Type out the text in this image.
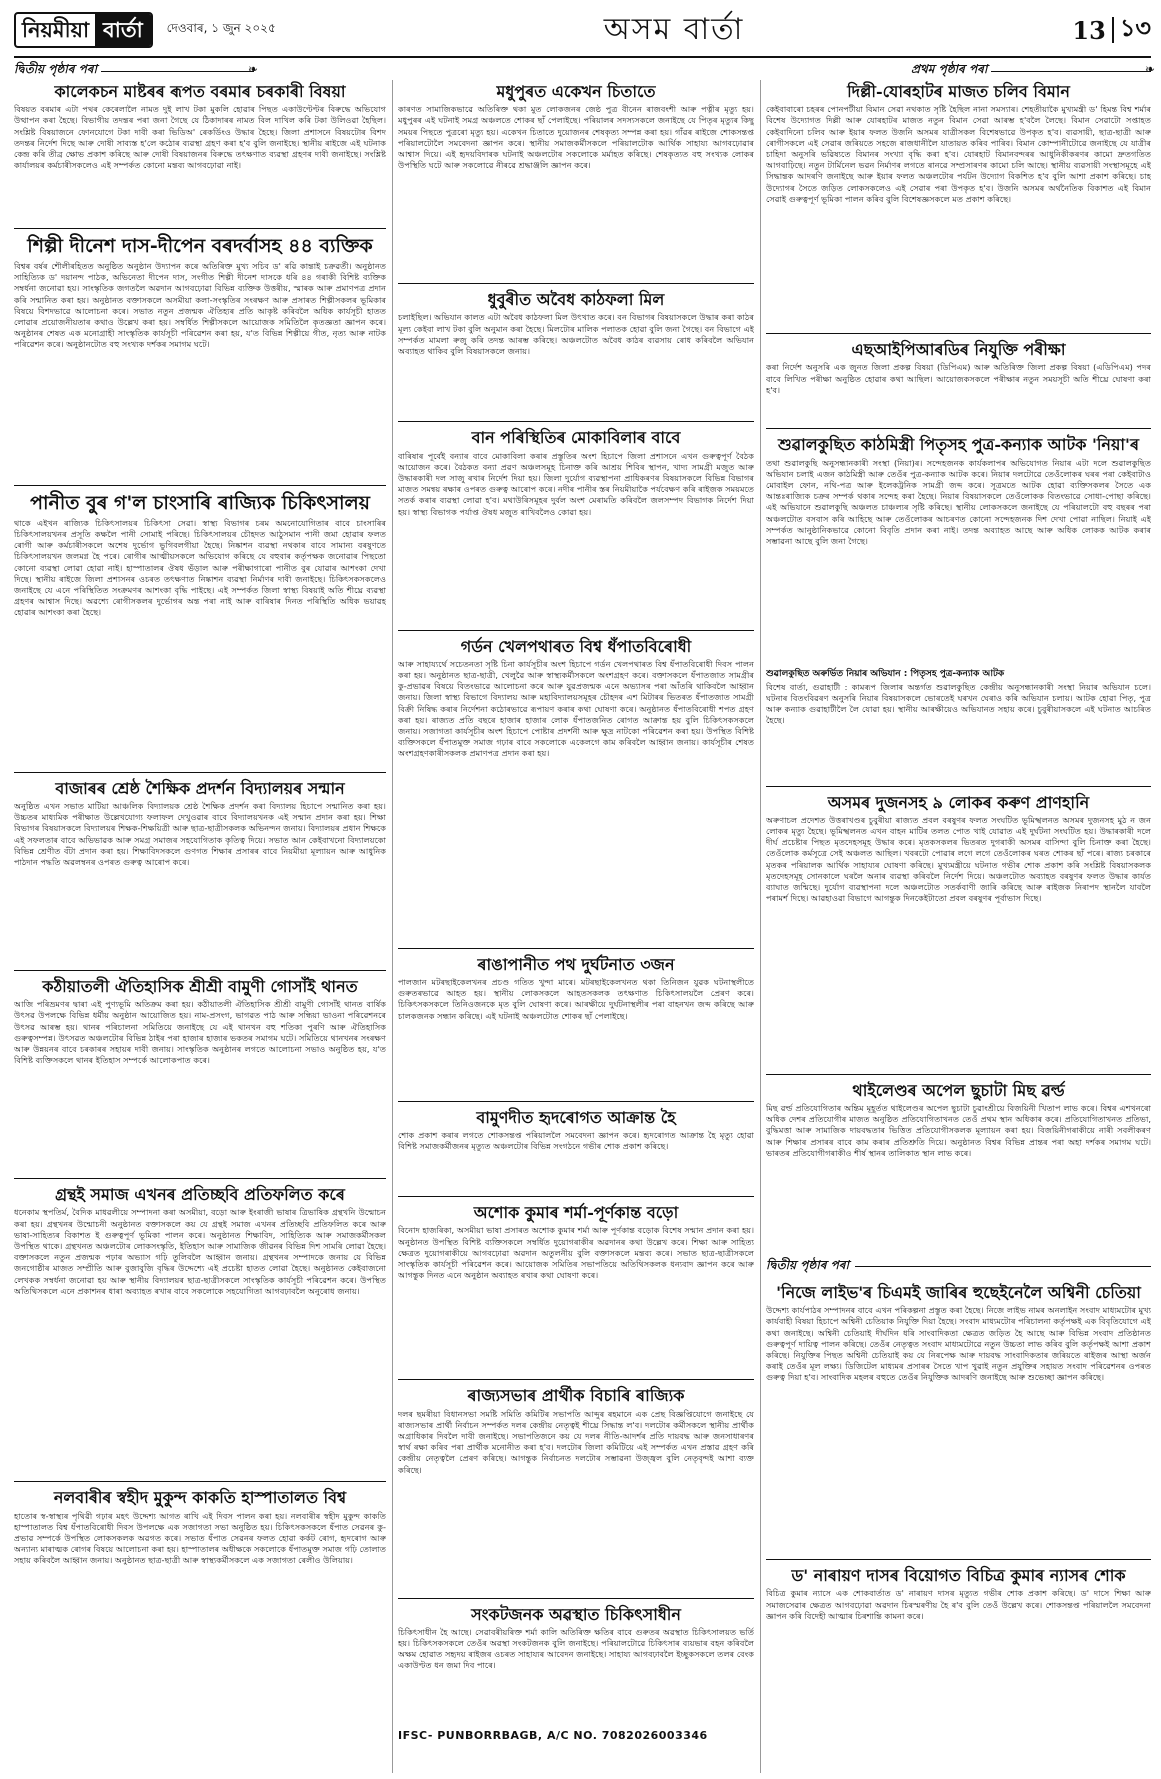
নিয়মীয়া বাৰ্তা	দেওবাৰ, ১ জুন ২০২৫	অসম বাৰ্তা	13 ১৩
দ্বিতীয় পৃষ্ঠাৰ পৰা
❧	প্ৰথম পৃষ্ঠাৰ পৰা
❧
কালেকচন মাষ্টৰৰ ৰূপত বৰমাৰ চৰকাৰী বিষয়া
বিষয়ত বৰমাৰ এটা পথৰ কেৰেলালৈ নামত দুই লাখ টকা মুকলি হোৱাৰ পিছত একাউণ্টেণ্টৰ বিৰুদ্ধে অভিযোগ উত্থাপন কৰা হৈছে। বিভাগীয় তদন্তৰ পৰা জনা গৈছে যে ঠিকাদাৰৰ নামত বিল দাখিল কৰি টকা উলিওৱা হৈছিল। সংশ্লিষ্ট বিষয়াজনে ফোনযোগে টকা দাবী কৰা ভিডিঅ' ৰেকৰ্ডিংও উদ্ধাৰ হৈছে। জিলা প্ৰশাসনে বিষয়টোৰ বিশদ তদন্তৰ নিৰ্দেশ দিছে আৰু দোষী সাব্যস্ত হ'লে কঠোৰ ব্যৱস্থা গ্ৰহণ কৰা হ'ব বুলি জনাইছে। স্থানীয় ৰাইজে এই ঘটনাক কেন্দ্ৰ কৰি তীব্ৰ ক্ষোভ প্ৰকাশ কৰিছে আৰু দোষী বিষয়াজনৰ বিৰুদ্ধে তৎক্ষণাত ব্যৱস্থা গ্ৰহণৰ দাবী জনাইছে। সংশ্লিষ্ট কাৰ্যালয়ৰ কৰ্মচাৰীসকলেও এই সম্পৰ্কত কোনো মন্তব্য আগবঢ়োৱা নাই।
শিল্পী দীনেশ দাস-দীপেন বৰদৰ্বাসহ ৪৪ ব্যক্তিক
বিশ্বৰ বৰ্ষৰ শৌলীৰহিতত অনুষ্ঠিত অনুষ্ঠান উদ্যাপন কৰে অতিৰিক্ত মুখ্য সচিব ড' ৰৱি কান্তাই চক্ৰৱৰ্তী। অনুষ্ঠানত সাহিত্যিক ড' দয়ানন্দ পাঠক, অভিনেতা দীপেন দাস, সংগীত শিল্পী দীনেশ দাসকে ধৰি ৪৪ গৰাকী বিশিষ্ট ব্যক্তিক সম্বৰ্ধনা জনোৱা হয়। সাংস্কৃতিক জগতলৈ অৱদান আগবঢ়োৱা বিভিন্ন ব্যক্তিক উত্তৰীয়, স্মাৰক আৰু প্ৰমাণপত্ৰ প্ৰদান কৰি সন্মানিত কৰা হয়। অনুষ্ঠানত বক্তাসকলে অসমীয়া কলা-সংস্কৃতিৰ সংৰক্ষণ আৰু প্ৰসাৰত শিল্পীসকলৰ ভূমিকাৰ বিষয়ে বিশদভাৱে আলোচনা কৰে। সভাত নতুন প্ৰজন্মক ঐতিহ্যৰ প্ৰতি আকৃষ্ট কৰিবলৈ অধিক কাৰ্যসূচী হাতত লোৱাৰ প্ৰয়োজনীয়তাৰ কথাও উল্লেখ কৰা হয়। সম্বৰ্ধিত শিল্পীসকলে আয়োজক সমিতিলৈ কৃতজ্ঞতা জ্ঞাপন কৰে। অনুষ্ঠানৰ শেষত এক মনোগ্ৰাহী সাংস্কৃতিক কাৰ্যসূচী পৰিৱেশন কৰা হয়, য'ত বিভিন্ন শিল্পীয়ে গীত, নৃত্য আৰু নাটক পৰিৱেশন কৰে। অনুষ্ঠানটোত বহু সংখ্যক দৰ্শকৰ সমাগম ঘটে।
পানীত বুৰ গ'ল চাংসাৰি ৰাজ্যিক চিকিৎসালয়
থাকে এইখন ৰাজ্যিক চিকিৎসালয়ৰ চিকিৎসা সেৱা। স্বাস্থ্য বিভাগৰ চৰম অমনোযোগিতাৰ বাবে চাংসাৰিৰ চিকিৎসালয়খনৰ প্ৰসূতি কক্ষলৈ পানী সোমাই পৰিছে। চিকিৎসালয়ৰ চৌহদত আঠুসমান পানী জমা হোৱাৰ ফলত ৰোগী আৰু কৰ্মচাৰীসকলে অশেষ দুৰ্ভোগ ভুগিবলগীয়া হৈছে। নিষ্কাশন ব্যৱস্থা নথকাৰ বাবে সামান্য বৰষুণতে চিকিৎসালয়খন জলমগ্ন হৈ পৰে। ৰোগীৰ আত্মীয়সকলে অভিযোগ কৰিছে যে বহুবাৰ কৰ্তৃপক্ষক জনোৱাৰ পিছতো কোনো ব্যৱস্থা লোৱা হোৱা নাই। হাস্পাতালৰ ঔষধ ভঁড়াল আৰু পৰীক্ষাগাৰো পানীত বুৰ যোৱাৰ আশংকা দেখা দিছে। স্থানীয় ৰাইজে জিলা প্ৰশাসনৰ ওচৰত তৎক্ষণাত নিষ্কাশন ব্যৱস্থা নিৰ্মাণৰ দাবী জনাইছে। চিকিৎসকসকলেও জনাইছে যে এনে পৰিস্থিতিত সংক্ৰমণৰ আশংকা বৃদ্ধি পাইছে। এই সম্পৰ্কত জিলা স্বাস্থ্য বিষয়াই অতি শীঘ্ৰে ব্যৱস্থা গ্ৰহণৰ আশ্বাস দিছে। অৱশ্যে ৰোগীসকলৰ দুৰ্ভোগৰ অন্ত পৰা নাই আৰু বাৰিষাৰ দিনত পৰিস্থিতি অধিক ভয়াৱহ হোৱাৰ আশংকা কৰা হৈছে।
বাজাৰৰ শ্ৰেষ্ঠ শৈক্ষিক প্ৰদৰ্শন বিদ্যালয়ৰ সন্মান
অনুষ্ঠিত এখন সভাত মাটিয়া আঞ্চলিক বিদ্যালয়ক শ্ৰেষ্ঠ শৈক্ষিক প্ৰদৰ্শন কৰা বিদ্যালয় হিচাপে সন্মানিত কৰা হয়। উচ্চতৰ মাধ্যমিক পৰীক্ষাত উল্লেখযোগ্য ফলাফল দেখুওৱাৰ বাবে বিদ্যালয়খনক এই সন্মান প্ৰদান কৰা হয়। শিক্ষা বিভাগৰ বিষয়াসকলে বিদ্যালয়ৰ শিক্ষক-শিক্ষয়িত্ৰী আৰু ছাত্ৰ-ছাত্ৰীসকলক অভিনন্দন জনায়। বিদ্যালয়ৰ প্ৰধান শিক্ষকে এই সফলতাৰ বাবে অভিভাৱক আৰু সমগ্ৰ সমাজৰ সহযোগিতাক কৃতিত্ব দিয়ে। সভাত আন কেইবাখনো বিদ্যালয়কো বিভিন্ন শ্ৰেণীত বঁটা প্ৰদান কৰা হয়। শিক্ষাবিদসকলে গুণগত শিক্ষাৰ প্ৰসাৰৰ বাবে নিয়মীয়া মূল্যায়ন আৰু আধুনিক পাঠদান পদ্ধতি অৱলম্বনৰ ওপৰত গুৰুত্ব আৰোপ কৰে।
কঠীয়াতলী ঐতিহাসিক শ্ৰীশ্ৰী বামুণী গোসাঁই থানত
আজি পৰিভ্ৰমণৰ দ্বাৰা এই পুণ্যভূমি অতিক্ৰম কৰা হয়। কঠীয়াতলী ঐতিহাসিক শ্ৰীশ্ৰী বামুণী গোসাঁই থানত বাৰ্ষিক উৎসৱ উপলক্ষে বিভিন্ন ধৰ্মীয় অনুষ্ঠান আয়োজিত হয়। নাম-প্ৰসংগ, ভাগৱত পাঠ আৰু সন্ধিয়া ভাওনা পৰিৱেশনৰে উৎসৱ আৰম্ভ হয়। থানৰ পৰিচালনা সমিতিয়ে জনাইছে যে এই থানখন বহু শতিকা পুৰণি আৰু ঐতিহাসিক গুৰুত্বসম্পন্ন। উৎসৱত অঞ্চলটোৰ বিভিন্ন ঠাইৰ পৰা হাজাৰ হাজাৰ ভকতৰ সমাগম ঘটে। সমিতিয়ে থানখনৰ সংৰক্ষণ আৰু উন্নয়নৰ বাবে চৰকাৰৰ সহায়ৰ দাবী জনায়। সাংস্কৃতিক অনুষ্ঠানৰ লগতে আলোচনা সভাও অনুষ্ঠিত হয়, য'ত বিশিষ্ট ব্যক্তিসকলে থানৰ ইতিহাস সম্পৰ্কে আলোকপাত কৰে।
গ্ৰন্থই সমাজ এখনৰ প্ৰতিচ্ছবি প্ৰতিফলিত কৰে
ধনেকাম স্থপতিৰ্ম, বৈদিক মাধৱলীয়ে সম্পাদনা কৰা অসমীয়া, বড়ো আৰু ইংৰাজী ভাষাৰ ত্ৰিভাষিক গ্ৰন্থখনি উন্মোচন কৰা হয়। গ্ৰন্থখনৰ উন্মোচনী অনুষ্ঠানত বক্তাসকলে কয় যে গ্ৰন্থই সমাজ এখনৰ প্ৰতিচ্ছবি প্ৰতিফলিত কৰে আৰু ভাষা-সাহিত্যৰ বিকাশত ই গুৰুত্বপূৰ্ণ ভূমিকা পালন কৰে। অনুষ্ঠানত শিক্ষাবিদ, সাহিত্যিক আৰু সমাজকৰ্মীসকল উপস্থিত থাকে। গ্ৰন্থখনত অঞ্চলটোৰ লোকসংস্কৃতি, ইতিহাস আৰু সামাজিক জীৱনৰ বিভিন্ন দিশ সামৰি লোৱা হৈছে। বক্তাসকলে নতুন প্ৰজন্মক পঢ়াৰ অভ্যাস গঢ়ি তুলিবলৈ আহ্বান জনায়। গ্ৰন্থখনৰ সম্পাদকে জনায় যে বিভিন্ন জনগোষ্ঠীৰ মাজত সম্প্ৰীতি আৰু বুজাবুজি বৃদ্ধিৰ উদ্দেশ্যে এই প্ৰচেষ্টা হাতত লোৱা হৈছে। অনুষ্ঠানত কেইবাজনো লেখকক সম্বৰ্ধনা জনোৱা হয় আৰু স্থানীয় বিদ্যালয়ৰ ছাত্ৰ-ছাত্ৰীসকলে সাংস্কৃতিক কাৰ্যসূচী পৰিৱেশন কৰে। উপস্থিত অতিথিসকলে এনে প্ৰকাশনৰ ধাৰা অব্যাহত ৰখাৰ বাবে সকলোকে সহযোগিতা আগবঢ়াবলৈ অনুৰোধ জনায়।
নলবাৰীৰ স্বহীদ মুকুন্দ কাকতি হাস্পাতালত বিশ্ব
হাতোৰ স্ব-স্বাস্থ্যৰ পৃথিৱী গঢ়াৰ মহৎ উদ্দেশ্য আগত ৰাখি এই দিবস পালন কৰা হয়। নলবাৰীৰ স্বহীদ মুকুন্দ কাকতি হাস্পাতালত বিশ্ব ধঁপাতবিৰোধী দিবস উপলক্ষে এক সজাগতা সভা অনুষ্ঠিত হয়। চিকিৎসকসকলে ধঁপাত সেৱনৰ কু-প্ৰভাৱ সম্পৰ্কে উপস্থিত লোকসকলক অৱগত কৰে। সভাত ধঁপাত সেৱনৰ ফলত হোৱা কৰ্কট ৰোগ, হৃদৰোগ আৰু অন্যান্য মাৰাত্মক ৰোগৰ বিষয়ে আলোচনা কৰা হয়। হাস্পাতালৰ অধীক্ষকে সকলোকে ধঁপাতমুক্ত সমাজ গঢ়ি তোলাত সহায় কৰিবলৈ আহ্বান জনায়। অনুষ্ঠানত ছাত্ৰ-ছাত্ৰী আৰু স্বাস্থ্যকৰ্মীসকলে এক সজাগতা ৰেলীও উলিয়ায়।
মধুপুৰত একেখন চিতাতে
কাৰণত সামাজিকভাৱে অতিৰিক্ত থকা মুত লোকজনৰ জেষ্ঠ পুত্ৰ বীনেন ৰাজবংশী আৰু পত্নীৰ মৃত্যু হয়। মধুপুৰৰ এই ঘটনাই সমগ্ৰ অঞ্চলতে শোকৰ ছাঁ পেলাইছে। পৰিয়ালৰ সদস্যসকলে জনাইছে যে পিতৃৰ মৃত্যুৰ কিছু সময়ৰ পিছতে পুত্ৰৰো মৃত্যু হয়। একেখন চিতাতে দুয়োজনৰ শেষকৃত্য সম্পন্ন কৰা হয়। গাঁৱৰ ৰাইজে শোকসন্তপ্ত পৰিয়ালটোলৈ সমবেদনা জ্ঞাপন কৰে। স্থানীয় সমাজকৰ্মীসকলে পৰিয়ালটোক আৰ্থিক সাহায্য আগবঢ়োৱাৰ আশ্বাস দিয়ে। এই হৃদয়বিদাৰক ঘটনাই অঞ্চলটোৰ সকলোকে মৰ্মাহত কৰিছে। শেষকৃত্যত বহু সংখ্যক লোকৰ উপস্থিতি ঘটে আৰু সকলোৱে নীৰৱে শ্ৰদ্ধাঞ্জলি জ্ঞাপন কৰে।
ধুবুৰীত অবৈধ কাঠফলা মিল
চলাইছিল। অভিযান কালত এটা অবৈধ কাঠফলা মিল উৎখাত কৰে। বন বিভাগৰ বিষয়াসকলে উদ্ধাৰ কৰা কাঠৰ মূল্য কেইবা লাখ টকা বুলি অনুমান কৰা হৈছে। মিলটোৰ মালিক পলাতক হোৱা বুলি জনা গৈছে। বন বিভাগে এই সম্পৰ্কত মামলা ৰুজু কৰি তদন্ত আৰম্ভ কৰিছে। অঞ্চলটোত অবৈধ কাঠৰ ব্যৱসায় ৰোধ কৰিবলৈ অভিযান অব্যাহত থাকিব বুলি বিষয়াসকলে জনায়।
বান পৰিস্থিতিৰ মোকাবিলাৰ বাবে
বাৰিষাৰ পূৰ্বেই বন্যাৰ বাবে মোকাবিলা কৰাৰ প্ৰস্তুতিৰ অংশ হিচাপে জিলা প্ৰশাসনে এখন গুৰুত্বপূৰ্ণ বৈঠক আয়োজন কৰে। বৈঠকত বন্যা প্ৰৱণ অঞ্চলসমূহ চিনাক্ত কৰি আশ্ৰয় শিবিৰ স্থাপন, খাদ্য সামগ্ৰী মজুত আৰু উদ্ধাৰকাৰী দল সাজু ৰখাৰ নিৰ্দেশ দিয়া হয়। জিলা দুৰ্যোগ ব্যৱস্থাপনা প্ৰাধিকৰণৰ বিষয়াসকলে বিভিন্ন বিভাগৰ মাজত সমন্বয় ৰক্ষাৰ ওপৰত গুৰুত্ব আৰোপ কৰে। নদীৰ পানীৰ স্তৰ নিয়মীয়াকৈ পৰ্যবেক্ষণ কৰি ৰাইজক সময়মতে সতৰ্ক কৰাৰ ব্যৱস্থা লোৱা হ'ব। মথাউৰিসমূহৰ দুৰ্বল অংশ মেৰামতি কৰিবলৈ জলসম্পদ বিভাগক নিৰ্দেশ দিয়া হয়। স্বাস্থ্য বিভাগক পৰ্যাপ্ত ঔষধ মজুত ৰাখিবলৈও কোৱা হয়।
গৰ্ডন খেলপথাৰত বিশ্ব ধঁপাতবিৰোধী
আৰু সাহায্যৰ্থে সচেতনতা সৃষ্টি চিনা কাৰ্যসূচীৰ অংশ হিচাপে গৰ্ডন খেলপথাৰত বিশ্ব ধঁপাতবিৰোধী দিবস পালন কৰা হয়। অনুষ্ঠানত ছাত্ৰ-ছাত্ৰী, খেলুৱৈ আৰু স্বাস্থ্যকৰ্মীসকলে অংশগ্ৰহণ কৰে। বক্তাসকলে ধঁপাতজাত সামগ্ৰীৰ কু-প্ৰভাৱৰ বিষয়ে বিতংভাৱে আলোচনা কৰে আৰু যুৱপ্ৰজন্মক এনে অভ্যাসৰ পৰা আঁতৰি থাকিবলৈ আহ্বান জনায়। জিলা স্বাস্থ্য বিভাগে বিদ্যালয় আৰু মহাবিদ্যালয়সমূহৰ চৌহদৰ এশ মিটাৰৰ ভিতৰত ধঁপাতজাত সামগ্ৰী বিক্ৰী নিষিদ্ধ কৰাৰ নিৰ্দেশনা কঠোৰভাৱে ৰূপায়ণ কৰাৰ কথা ঘোষণা কৰে। অনুষ্ঠানত ধঁপাতবিৰোধী শপত গ্ৰহণ কৰা হয়। ৰাজ্যত প্ৰতি বছৰে হাজাৰ হাজাৰ লোক ধঁপাতজনিত ৰোগত আক্ৰান্ত হয় বুলি চিকিৎসকসকলে জনায়। সজাগতা কাৰ্যসূচীৰ অংশ হিচাপে পোষ্টাৰ প্ৰদৰ্শনী আৰু ক্ষুদ্ৰ নাটকো পৰিৱেশন কৰা হয়। উপস্থিত বিশিষ্ট ব্যক্তিসকলে ধঁপাতমুক্ত সমাজ গঢ়াৰ বাবে সকলোকে একেলগে কাম কৰিবলৈ আহ্বান জনায়। কাৰ্যসূচীৰ শেষত অংশগ্ৰহণকাৰীসকলক প্ৰমাণপত্ৰ প্ৰদান কৰা হয়।
ৰাঙাপানীত পথ দুৰ্ঘটনাত ৩জন
পালজান মটৰছাইকেলখনৰ প্ৰচণ্ড গতিত খুন্দা মাৰে। মটৰছাইকেলখনত থকা তিনিজন যুৱক ঘটনাস্থলীতে গুৰুতৰভাৱে আহত হয়। স্থানীয় লোকসকলে আহতসকলক তৎক্ষণাত চিকিৎসালয়লৈ প্ৰেৰণ কৰে। চিকিৎসকসকলে তিনিওজনকে মৃত বুলি ঘোষণা কৰে। আৰক্ষীয়ে দুৰ্ঘটনাস্থলীৰ পৰা বাহনখন জব্দ কৰিছে আৰু চালকজনক সন্ধান কৰিছে। এই ঘটনাই অঞ্চলটোত শোকৰ ছাঁ পেলাইছে।
বামুণদীত হৃদৰোগত আক্ৰান্ত হৈ
শোক প্ৰকাশ কৰাৰ লগতে শোকসন্তপ্ত পৰিয়াললৈ সমবেদনা জ্ঞাপন কৰে। হৃদৰোগত আক্ৰান্ত হৈ মৃত্যু হোৱা বিশিষ্ট সমাজকৰ্মীজনৰ মৃত্যুত অঞ্চলটোৰ বিভিন্ন সংগঠনে গভীৰ শোক প্ৰকাশ কৰিছে।
অশোক কুমাৰ শৰ্মা-পূৰ্ণকান্ত বড়ো
বিনোদ হাজৰিকা, অসমীয়া ভাষা প্ৰসাৰত অশোক কুমাৰ শৰ্মা আৰু পূৰ্ণকান্ত বড়োক বিশেষ সন্মান প্ৰদান কৰা হয়। অনুষ্ঠানত উপস্থিত বিশিষ্ট ব্যক্তিসকলে সম্বৰ্ধিত দুয়োগৰাকীৰ অৱদানৰ কথা উল্লেখ কৰে। শিক্ষা আৰু সাহিত্য ক্ষেত্ৰত দুয়োগৰাকীয়ে আগবঢ়োৱা অৱদান অতুলনীয় বুলি বক্তাসকলে মন্তব্য কৰে। সভাত ছাত্ৰ-ছাত্ৰীসকলে সাংস্কৃতিক কাৰ্যসূচী পৰিৱেশন কৰে। আয়োজক সমিতিৰ সভাপতিয়ে অতিথিসকলক ধন্যবাদ জ্ঞাপন কৰে আৰু আগন্তুক দিনত এনে অনুষ্ঠান অব্যাহত ৰখাৰ কথা ঘোষণা কৰে।
ৰাজ্যসভাৰ প্ৰাৰ্থীক বিচাৰি ৰাজ্যিক
দলৰ ছমৰীয়া বিধানসভা সমষ্টি সমিতি কমিটিৰ সভাপতি আব্দুৰ ৰহমানে এক প্ৰেছ বিজ্ঞপ্তিযোগে জনাইছে যে ৰাজ্যসভাৰ প্ৰাৰ্থী নিৰ্বাচন সম্পৰ্কত দলৰ কেন্দ্ৰীয় নেতৃত্বই শীঘ্ৰে সিদ্ধান্ত ল'ব। দলটোৰ কৰ্মীসকলে স্থানীয় প্ৰাৰ্থীক অগ্ৰাধিকাৰ দিবলৈ দাবী জনাইছে। সভাপতিজনে কয় যে দলৰ নীতি-আদৰ্শৰ প্ৰতি দায়বদ্ধ আৰু জনসাধাৰণৰ স্বাৰ্থ ৰক্ষা কৰিব পৰা প্ৰাৰ্থীক মনোনীত কৰা হ'ব। দলটোৰ জিলা কমিটিয়ে এই সম্পৰ্কত এখন প্ৰস্তাৱ গ্ৰহণ কৰি কেন্দ্ৰীয় নেতৃত্বলৈ প্ৰেৰণ কৰিছে। আগন্তুক নিৰ্বাচনত দলটোৰ সম্ভাৱনা উজ্জ্বল বুলি নেতৃবৃন্দই আশা ব্যক্ত কৰিছে।
সংকটজনক অৱস্থাত চিকিৎসাধীন
চিকিৎসাধীন হৈ আছে। সেৱাবৰীয়ৰিক্ত শৰ্মা কালি অতিৰিক্ত ক্ষতিৰ বাবে গুৰুতৰ অৱস্থাত চিকিৎসালয়ত ভৰ্তি হয়। চিকিৎসকসকলে তেওঁৰ অৱস্থা সংকটজনক বুলি জনাইছে। পৰিয়ালটোৱে চিকিৎসাৰ ব্যয়ভাৰ বহন কৰিবলৈ অক্ষম হোৱাত সহৃদয় ৰাইজৰ ওচৰত সাহায্যৰ আবেদন জনাইছে। সাহায্য আগবঢ়াবলৈ ইচ্ছুকসকলে তলৰ বেংক একাউণ্টত ধন জমা দিব পাৰে।
IFSC- PUNBORRBAGB, A/C NO. 7082026003346
দিল্লী-যোৰহাটৰ মাজত চলিব বিমান
কেইবাবাৰো চহৰৰ পোনপটীয়া বিমান সেৱা নথকাত সৃষ্টি হৈছিল নানা সমস্যাৰ। শেহতীয়াকৈ মুখ্যমন্ত্ৰী ড' হিমন্ত বিশ্ব শৰ্মাৰ বিশেষ উদ্যোগত দিল্লী আৰু যোৰহাটৰ মাজত নতুন বিমান সেৱা আৰম্ভ হ'বলৈ লৈছে। বিমান সেৱাটো সপ্তাহত কেইবাদিনো চলিব আৰু ইয়াৰ ফলত উজনি অসমৰ যাত্ৰীসকল বিশেষভাৱে উপকৃত হ'ব। ব্যৱসায়ী, ছাত্ৰ-ছাত্ৰী আৰু ৰোগীসকলে এই সেৱাৰ জৰিয়তে সহজে ৰাজধানীলৈ যাতায়ত কৰিব পাৰিব। বিমান কোম্পানীটোৱে জনাইছে যে যাত্ৰীৰ চাহিদা অনুসৰি ভৱিষ্যতে বিমানৰ সংখ্যা বৃদ্ধি কৰা হ'ব। যোৰহাট বিমানবন্দৰৰ আধুনিকীকৰণৰ কামো দ্ৰুতগতিত আগবাঢ়িছে। নতুন টাৰ্মিনেল ভৱন নিৰ্মাণৰ লগতে ৰানৱে সম্প্ৰসাৰণৰ কামো চলি আছে। স্থানীয় ব্যৱসায়ী সংস্থাসমূহে এই সিদ্ধান্তক আদৰণি জনাইছে আৰু ইয়াৰ ফলত অঞ্চলটোৰ পৰ্যটন উদ্যোগ বিকশিত হ'ব বুলি আশা প্ৰকাশ কৰিছে। চাহ উদ্যোগৰ সৈতে জড়িত লোকসকলেও এই সেৱাৰ পৰা উপকৃত হ'ব। উজনি অসমৰ অৰ্থনৈতিক বিকাশত এই বিমান সেৱাই গুৰুত্বপূৰ্ণ ভূমিকা পালন কৰিব বুলি বিশেষজ্ঞসকলে মত প্ৰকাশ কৰিছে।
এছআইপিআৰডিৰ নিযুক্তি পৰীক্ষা
কৰা নিৰ্দেশ অনুসৰি এক জুনত জিলা প্ৰকল্প বিষয়া (ডিপিএম) আৰু অতিৰিক্ত জিলা প্ৰকল্প বিষয়া (এডিপিএম) পদৰ বাবে লিখিত পৰীক্ষা অনুষ্ঠিত হোৱাৰ কথা আছিল। আয়োজকসকলে পৰীক্ষাৰ নতুন সময়সূচী অতি শীঘ্ৰে ঘোষণা কৰা হ'ব।
শুৱালকুছিত কাঠমিস্ত্ৰী পিতৃসহ পুত্ৰ-কন্যাক আটক 'নিয়া'ৰ
তথা শুৱালকুছি অনুসন্ধানকাৰী সংস্থা (নিয়া)ৰ। সন্দেহজনক কাৰ্যকলাপৰ অভিযোগত নিয়াৰ এটা দলে শুৱালকুছিত অভিযান চলাই এজন কাঠমিস্ত্ৰী আৰু তেওঁৰ পুত্ৰ-কন্যাক আটক কৰে। নিয়াৰ দলটোৱে তেওঁলোকৰ ঘৰৰ পৰা কেইবাটাও মোবাইল ফোন, নথি-পত্ৰ আৰু ইলেকট্ৰনিক সামগ্ৰী জব্দ কৰে। সূত্ৰমতে আটক হোৱা ব্যক্তিসকলৰ সৈতে এক আন্তঃৰাজ্যিক চক্ৰৰ সম্পৰ্ক থকাৰ সন্দেহ কৰা হৈছে। নিয়াৰ বিষয়াসকলে তেওঁলোকক বিতংভাৱে সোধা-পোছা কৰিছে। এই অভিযানে শুৱালকুছি অঞ্চলত চাঞ্চল্যৰ সৃষ্টি কৰিছে। স্থানীয় লোকসকলে জনাইছে যে পৰিয়ালটো বহু বছৰৰ পৰা অঞ্চলটোত বসবাস কৰি আহিছে আৰু তেওঁলোকৰ আচৰণত কোনো সন্দেহজনক দিশ দেখা পোৱা নাছিল। নিয়াই এই সম্পৰ্কত আনুষ্ঠানিকভাৱে কোনো বিবৃতি প্ৰদান কৰা নাই। তদন্ত অব্যাহত আছে আৰু অধিক লোকক আটক কৰাৰ সম্ভাৱনা আছে বুলি জনা গৈছে।
শুৱালকুছিত অৰুৰ্ভিত নিয়াৰ অভিযান : পিতৃসহ পুত্ৰ-কন্যাক আটক
বিশেষ বাৰ্তা, গুৱাহাটী : কামৰূপ জিলাৰ অন্তৰ্গত শুৱালকুছিত কেন্দ্ৰীয় অনুসন্ধানকাৰী সংস্থা নিয়াৰ অভিযান চলে। ঘটনাৰ বিতংবিৱৰণ অনুসৰি নিয়াৰ বিষয়াসকলে ভোৰতেই ঘৰখন ঘেৰাও কৰি অভিযান চলায়। আটক হোৱা পিতৃ, পুত্ৰ আৰু কন্যাক গুৱাহাটীলৈ লৈ যোৱা হয়। স্থানীয় আৰক্ষীয়েও অভিযানত সহায় কৰে। চুবুৰীয়াসকলে এই ঘটনাত আচৰিত হৈছে।
অসমৰ দুজনসহ ৯ লোকৰ কৰুণ প্ৰাণহানি
অৰুণাচল প্ৰদেশত উত্তৰাখণ্ডৰ চুবুৰীয়া ৰাজ্যত প্ৰবল বৰষুণৰ ফলত সংঘটিত ভূমিস্খলনত অসমৰ দুজনসহ মুঠ ন জন লোকৰ মৃত্যু হৈছে। ভূমিস্খলনত এখন বাহন মাটিৰ তলত পোত খাই যোৱাত এই দুৰ্ঘটনা সংঘটিত হয়। উদ্ধাৰকাৰী দলে দীৰ্ঘ প্ৰচেষ্টাৰ পিছত মৃতদেহসমূহ উদ্ধাৰ কৰে। মৃতকসকলৰ ভিতৰত দুগৰাকী অসমৰ বাসিন্দা বুলি চিনাক্ত কৰা হৈছে। তেওঁলোক কৰ্মসূত্ৰে সেই অঞ্চলত আছিল। খবৰটো পোৱাৰ লগে লগে তেওঁলোকৰ ঘৰত শোকৰ ছাঁ পৰে। ৰাজ্য চৰকাৰে মৃতকৰ পৰিয়ালক আৰ্থিক সাহায্যৰ ঘোষণা কৰিছে। মুখ্যমন্ত্ৰীয়ে ঘটনাত গভীৰ শোক প্ৰকাশ কৰি সংশ্লিষ্ট বিষয়াসকলক মৃতদেহসমূহ সোনকালে ঘৰলৈ অনাৰ ব্যৱস্থা কৰিবলৈ নিৰ্দেশ দিয়ে। অঞ্চলটোত অব্যাহত বৰষুণৰ ফলত উদ্ধাৰ কাৰ্যত ব্যাঘাত জন্মিছে। দুৰ্যোগ ব্যৱস্থাপনা দলে অঞ্চলটোত সতৰ্কবাণী জাৰি কৰিছে আৰু ৰাইজক নিৰাপদ স্থানলৈ যাবলৈ পৰামৰ্শ দিছে। আৱহাওৱা বিভাগে আগন্তুক দিনকেইটাতো প্ৰবল বৰষুণৰ পূৰ্বাভাস দিছে।
থাইলেণ্ডৰ অপেল ছুচাটা মিছ ৱৰ্ল্ড
মিছ ৱৰ্ল্ড প্ৰতিযোগিতাৰ অন্তিম মূহূৰ্তত থাইলেণ্ডৰ অপেল ছুচাটা চুৱাংশ্ৰীয়ে বিজয়িনী খিতাপ লাভ কৰে। বিশ্বৰ এশখনৰো অধিক দেশৰ প্ৰতিযোগীৰ মাজত অনুষ্ঠিত প্ৰতিযোগিতাখনত তেওঁ প্ৰথম স্থান অধিকাৰ কৰে। প্ৰতিযোগিতাখনত প্ৰতিভা, বুদ্ধিমত্তা আৰু সামাজিক দায়বদ্ধতাৰ ভিত্তিত প্ৰতিযোগীসকলক মূল্যায়ন কৰা হয়। বিজয়িনীগৰাকীয়ে নাৰী সবলীকৰণ আৰু শিক্ষাৰ প্ৰসাৰৰ বাবে কাম কৰাৰ প্ৰতিশ্ৰুতি দিয়ে। অনুষ্ঠানত বিশ্বৰ বিভিন্ন প্ৰান্তৰ পৰা অহা দৰ্শকৰ সমাগম ঘটে। ভাৰতৰ প্ৰতিযোগীগৰাকীও শীৰ্ষ স্থানৰ তালিকাত স্থান লাভ কৰে।
দ্বিতীয় পৃষ্ঠাৰ পৰা
'নিজে লাইভ'ৰ চিএমই জাৰিৰ হুছেইনেলৈ অশ্বিনী চেতিয়া
উদ্দেশ্য কাৰ্যপাঠৰ সম্পাদনৰ বাবে এখন পৰিকল্পনা প্ৰস্তুত কৰা হৈছে। নিজে লাইভ নামৰ অনলাইন সংবাদ মাধ্যমটোৰ মুখ্য কাৰ্যবাহী বিষয়া হিচাপে অশ্বিনী চেতিয়াক নিযুক্তি দিয়া হৈছে। সংবাদ মাধ্যমটোৰ পৰিচালনা কৰ্তৃপক্ষই এক বিবৃতিযোগে এই কথা জনাইছে। অশ্বিনী চেতিয়াই দীৰ্ঘদিন ধৰি সাংবাদিকতা ক্ষেত্ৰত জড়িত হৈ আছে আৰু বিভিন্ন সংবাদ প্ৰতিষ্ঠানত গুৰুত্বপূৰ্ণ দায়িত্ব পালন কৰিছে। তেওঁৰ নেতৃত্বত সংবাদ মাধ্যমটোৱে নতুন উচ্চতা লাভ কৰিব বুলি কৰ্তৃপক্ষই আশা প্ৰকাশ কৰিছে। নিযুক্তিৰ পিছত অশ্বিনী চেতিয়াই কয় যে নিৰপেক্ষ আৰু দায়বদ্ধ সাংবাদিকতাৰ জৰিয়তে ৰাইজৰ আস্থা অৰ্জন কৰাই তেওঁৰ মূল লক্ষ্য। ডিজিটেল মাধ্যমৰ প্ৰসাৰৰ সৈতে খাপ খুৱাই নতুন প্ৰযুক্তিৰ সহায়ত সংবাদ পৰিৱেশনৰ ওপৰত গুৰুত্ব দিয়া হ'ব। সাংবাদিক মহলৰ বহুতে তেওঁৰ নিযুক্তিক আদৰণি জনাইছে আৰু শুভেচ্ছা জ্ঞাপন কৰিছে।
ড' নাৰায়ণ দাসৰ বিয়োগত বিচিত্ৰ কুমাৰ ন্যাসৰ শোক
বিচিত্ৰ কুমাৰ ন্যাসে এক শোকবাৰ্তাত ড' নাৰায়ণ দাসৰ মৃত্যুত গভীৰ শোক প্ৰকাশ কৰিছে। ড' দাসে শিক্ষা আৰু সমাজসেৱাৰ ক্ষেত্ৰত আগবঢ়োৱা অৱদান চিৰস্মৰণীয় হৈ ৰ'ব বুলি তেওঁ উল্লেখ কৰে। শোকসন্তপ্ত পৰিয়াললৈ সমবেদনা জ্ঞাপন কৰি বিদেহী আত্মাৰ চিৰশান্তি কামনা কৰে।
